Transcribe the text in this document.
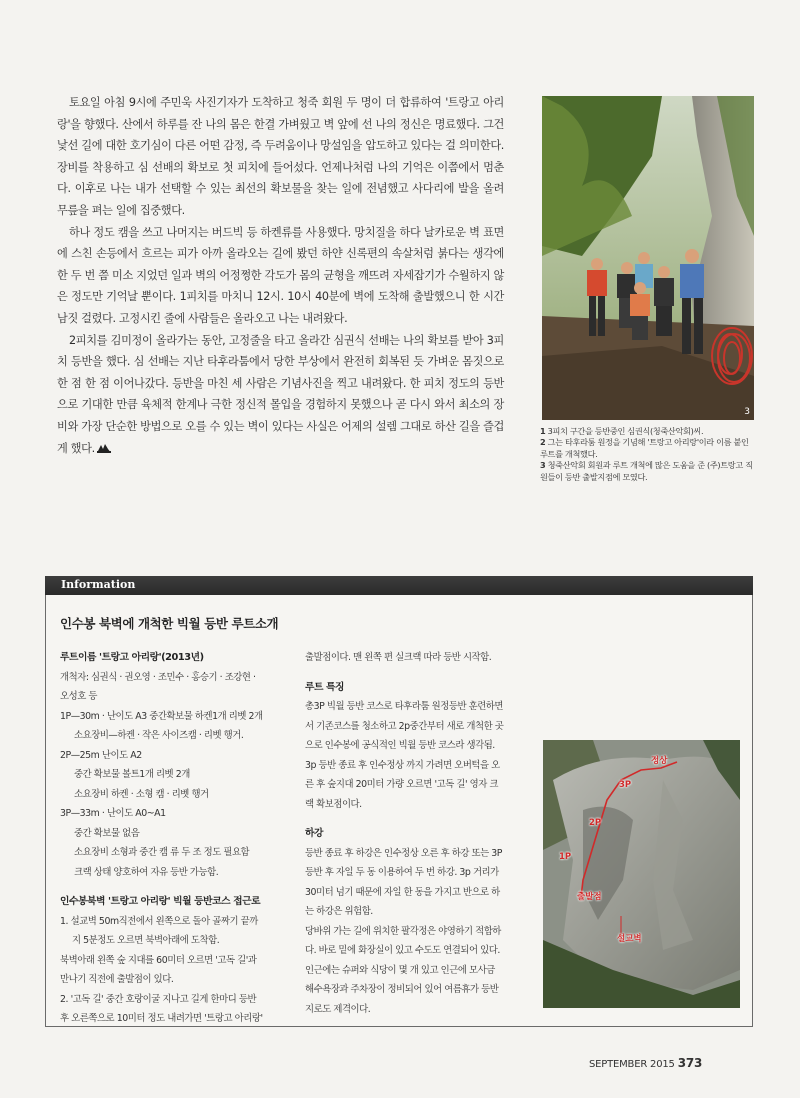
토요일 아침 9시에 주민욱 사진기자가 도착하고 청죽 회원 두 명이 더 합류하여 '트랑고 아리랑'을 향했다. 산에서 하루를 잔 나의 몸은 한결 가벼웠고 벽 앞에 선 나의 정신은 명료했다. 그건 낯선 길에 대한 호기심이 다른 어떤 감정, 즉 두려움이나 망설임을 압도하고 있다는 걸 의미한다. 장비를 착용하고 심 선배의 확보로 첫 피치에 들어섰다. 언제나처럼 나의 기억은 이쯤에서 멈춘다. 이후로 나는 내가 선택할 수 있는 최선의 확보물을 찾는 일에 전념했고 사다리에 발을 올려 무릎을 펴는 일에 집중했다.

하나 정도 캠을 쓰고 나머지는 버드빅 등 하켄류를 사용했다. 망치질을 하다 날카로운 벽 표면에 스친 손등에서 흐르는 피가 아까 올라오는 길에 봤던 하얀 신록편의 속살처럼 붉다는 생각에 한 두 번 쯤 미소 지었던 일과 벽의 어정쩡한 각도가 몸의 균형을 깨뜨려 자세잡기가 수월하지 않은 정도만 기억날 뿐이다. 1피치를 마치니 12시. 10시 40분에 벽에 도착해 출발했으니 한 시간 남짓 걸렸다. 고정시킨 줄에 사람들은 올라오고 나는 내려왔다.

2피치를 김미정이 올라가는 동안, 고정줄을 타고 올라간 심권식 선배는 나의 확보를 받아 3피치 등반을 했다. 심 선배는 지난 타후라툼에서 당한 부상에서 완전히 회복된 듯 가벼운 몸짓으로 한 점 한 점 이어나갔다. 등반을 마친 세 사람은 기념사진을 찍고 내려왔다. 한 피치 정도의 등반으로 기대한 만큼 육체적 한계나 극한 정신적 몰입을 경험하지 못했으나 곧 다시 와서 최소의 장비와 가장 단순한 방법으로 오를 수 있는 벽이 있다는 사실은 어제의 설렘 그대로 하산 길을 즐겁게 했다.

3
1 3피치 구간을 등반중인 심권식(청죽산악회)씨.
2 그는 타후라툼 원정을 기념해 '트랑고 아리랑'이라 이름 붙인 루트를 개척했다.
3 청죽산악회 회원과 루트 개척에 많은 도움을 준 (주)트랑고 직원들이 등반 출발지점에 모였다.
Information
인수봉 북벽에 개척한 빅월 등반 루트소개
루트이름 '트랑고 아리랑'(2013년)
개척자: 심권식 · 권오영 · 조민수 · 홍승기 · 조강현 ·
오성호 등
1P—30m · 난이도 A3 중간확보물 하켄1개 리벳 2개
소요장비—하켄 · 작은 사이즈캠 · 리벳 행거.
2P—25m 난이도 A2
중간 확보물 볼트1개 리벳 2개
소요장비 하켄 · 소형 캠 · 리벳 행거
3P—33m · 난이도 A0~A1
중간 확보물 없음
소요장비 소형과 중간 캠 류 두 조 정도 필요함
크랙 상태 양호하여 자유 등반 가능함.
인수봉북벽 '트랑고 아리랑' 빅월 등반코스 접근로
1. 설교벽 50m직전에서 왼쪽으로 돌아 골짜기 끝까
지 5분정도 오르면 북벽아래에 도착함.
북벽아래 왼쪽 숲 지대를 60미터 오르면 '고독 길'과
만나기 직전에 출발점이 있다.
2. '고독 길' 중간 호랑이굴 지나고 길게 한마디 등반
후 오른쪽으로 10미터 정도 내려가면 '트랑고 아리랑'
출발점이다. 맨 왼쪽 편 실크랙 따라 등반 시작함.
루트 특징
총3P 빅월 등반 코스로 타후라툼 원정등반 훈련하면
서 기존코스를 청소하고 2p중간부터 새로 개척한 곳
으로 인수봉에 공식적인 빅월 등반 코스라 생각됨.
3p 등반 종료 후 인수정상 까지 가려면 오버턱을 오
른 후 숲지대 20미터 가량 오르면 '고독 길' 영자 크
랙 확보점이다.
하강
등반 종료 후 하강은 인수정상 오른 후 하강 또는 3P
등반 후 자일 두 동 이용하여 두 번 하강. 3p 거리가
30미터 넘기 때문에 자일 한 동을 가지고 반으로 하
는 하강은 위험함.
당바위 가는 길에 위치한 팔각정은 야영하기 적합하
다. 바로 밑에 화장실이 있고 수도도 연결되어 있다.
인근에는 슈퍼와 식당이 몇 개 있고 인근에 모사금
해수욕장과 주차장이 정비되어 있어 여름휴가 등반
지로도 제격이다.
정상
3P
2P
1P
출발점
설교벽
SEPTEMBER 2015 373
